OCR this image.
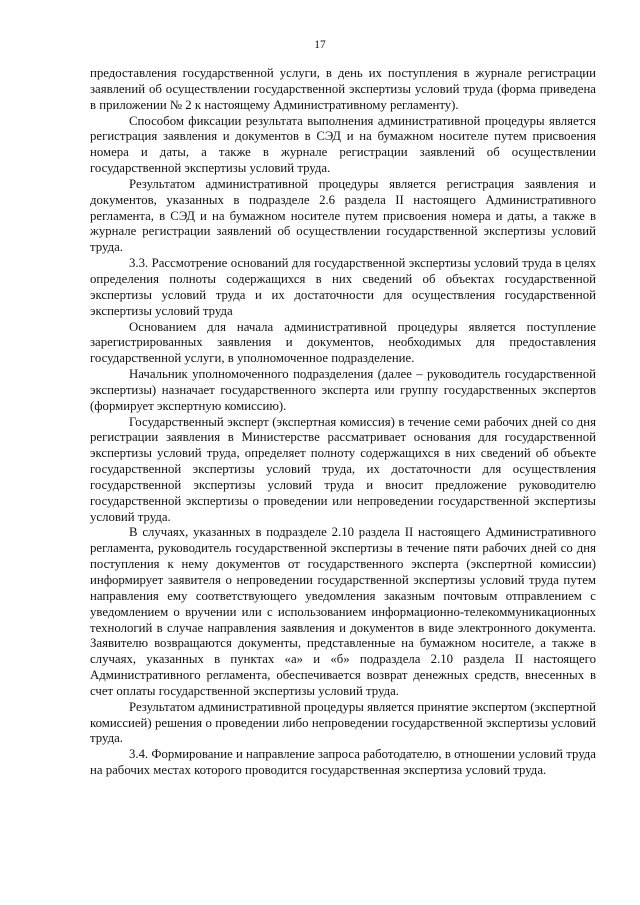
17

предоставления государственной услуги, в день их поступления в журнале регистрации заявлений об осуществлении государственной экспертизы условий труда (форма приведена в приложении № 2 к настоящему Административному регламенту).

Способом фиксации результата выполнения административной процедуры является регистрация заявления и документов в СЭД и на бумажном носителе путем присвоения номера и даты, а также в журнале регистрации заявлений об осуществлении государственной экспертизы условий труда.

Результатом административной процедуры является регистрация заявления и документов, указанных в подразделе 2.6 раздела II настоящего Административного регламента, в СЭД и на бумажном носителе путем присвоения номера и даты, а также в журнале регистрации заявлений об осуществлении государственной экспертизы условий труда.

3.3. Рассмотрение оснований для государственной экспертизы условий труда в целях определения полноты содержащихся в них сведений об объектах государственной экспертизы условий труда и их достаточности для осуществления государственной экспертизы условий труда

Основанием для начала административной процедуры является поступление зарегистрированных заявления и документов, необходимых для предоставления государственной услуги, в уполномоченное подразделение.

Начальник уполномоченного подразделения (далее – руководитель государственной экспертизы) назначает государственного эксперта или группу государственных экспертов (формирует экспертную комиссию).

Государственный эксперт (экспертная комиссия) в течение семи рабочих дней со дня регистрации заявления в Министерстве рассматривает основания для государственной экспертизы условий труда, определяет полноту содержащихся в них сведений об объекте государственной экспертизы условий труда, их достаточности для осуществления государственной экспертизы условий труда и вносит предложение руководителю государственной экспертизы о проведении или непроведении государственной экспертизы условий труда.

В случаях, указанных в подразделе 2.10 раздела II настоящего Административного регламента, руководитель государственной экспертизы в течение пяти рабочих дней со дня поступления к нему документов от государственного эксперта (экспертной комиссии) информирует заявителя о непроведении государственной экспертизы условий труда путем направления ему соответствующего уведомления заказным почтовым отправлением с уведомлением о вручении или с использованием информационно-телекоммуникационных технологий в случае направления заявления и документов в виде электронного документа. Заявителю возвращаются документы, представленные на бумажном носителе, а также в случаях, указанных в пунктах «а» и «б» подраздела 2.10 раздела II настоящего Административного регламента, обеспечивается возврат денежных средств, внесенных в счет оплаты государственной экспертизы условий труда.

Результатом административной процедуры является принятие экспертом (экспертной комиссией) решения о проведении либо непроведении государственной экспертизы условий труда.

3.4. Формирование и направление запроса работодателю, в отношении условий труда на рабочих местах которого проводится государственная экспертиза условий труда.
